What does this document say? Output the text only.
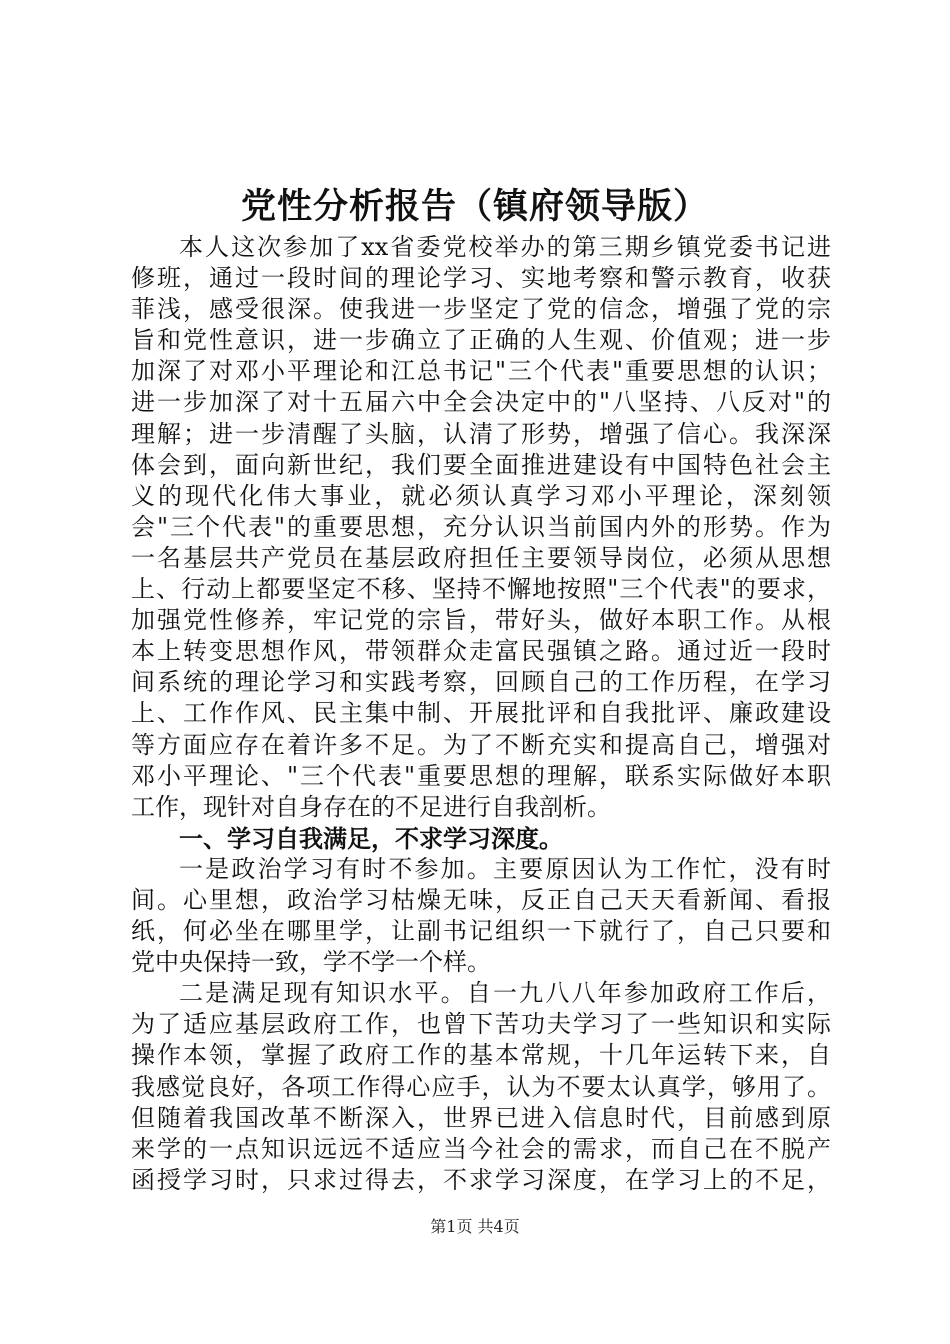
党性分析报告（镇府领导版）
本人这次参加了xx省委党校举办的第三期乡镇党委书记进
修班，通过一段时间的理论学习、实地考察和警示教育，收获
菲浅，感受很深。使我进一步坚定了党的信念，增强了党的宗
旨和党性意识，进一步确立了正确的人生观、价值观；进一步
加深了对邓小平理论和江总书记"三个代表"重要思想的认识；
进一步加深了对十五届六中全会决定中的"八坚持、八反对"的
理解；进一步清醒了头脑，认清了形势，增强了信心。我深深
体会到，面向新世纪，我们要全面推进建设有中国特色社会主
义的现代化伟大事业，就必须认真学习邓小平理论，深刻领
会"三个代表"的重要思想，充分认识当前国内外的形势。作为
一名基层共产党员在基层政府担任主要领导岗位，必须从思想
上、行动上都要坚定不移、坚持不懈地按照"三个代表"的要求，
加强党性修养，牢记党的宗旨，带好头，做好本职工作。从根
本上转变思想作风，带领群众走富民强镇之路。通过近一段时
间系统的理论学习和实践考察，回顾自己的工作历程，在学习
上、工作作风、民主集中制、开展批评和自我批评、廉政建设
等方面应存在着许多不足。为了不断充实和提高自己，增强对
邓小平理论、"三个代表"重要思想的理解，联系实际做好本职
工作，现针对自身存在的不足进行自我剖析。
一、学习自我满足，不求学习深度。
一是政治学习有时不参加。主要原因认为工作忙，没有时
间。心里想，政治学习枯燥无味，反正自己天天看新闻、看报
纸，何必坐在哪里学，让副书记组织一下就行了，自己只要和
党中央保持一致，学不学一个样。
二是满足现有知识水平。自一九八八年参加政府工作后，
为了适应基层政府工作，也曾下苦功夫学习了一些知识和实际
操作本领，掌握了政府工作的基本常规，十几年运转下来，自
我感觉良好，各项工作得心应手，认为不要太认真学，够用了。
但随着我国改革不断深入，世界已进入信息时代，目前感到原
来学的一点知识远远不适应当今社会的需求，而自己在不脱产
函授学习时，只求过得去，不求学习深度，在学习上的不足，
第1页 共4页
